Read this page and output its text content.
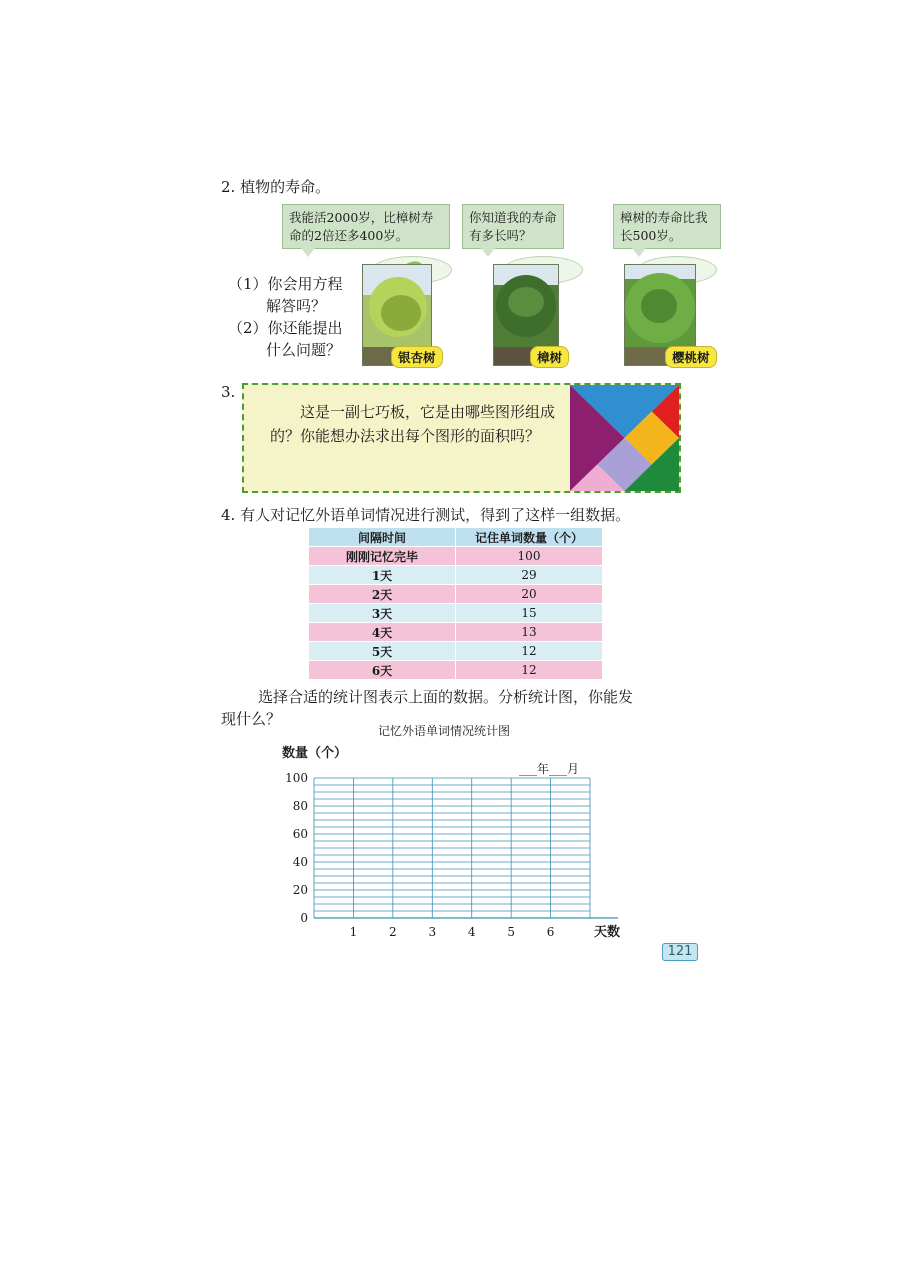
2. 植物的寿命。
我能活2000岁，比樟树寿命的2倍还多400岁。
你知道我的寿命有多长吗？
樟树的寿命比我长500岁。
（1）你会用方程
解答吗？
（2）你还能提出
什么问题？	银杏树	樟树	樱桃树
3.
这是一副七巧板，它是由哪些图形组成的？你能想办法求出每个图形的面积吗？
4. 有人对记忆外语单词情况进行测试，得到了这样一组数据。
间隔时间	记住单词数量（个）
刚刚记忆完毕	100
1天	29
2天	20
3天	15
4天	13
5天	12
6天	12
选择合适的统计图表示上面的数据。分析统计图，你能发
现什么？
记忆外语单词情况统计图
数量（个）
___年___月
0
20
40
60
80
100
1	2	3	4	5	6	天数
121
